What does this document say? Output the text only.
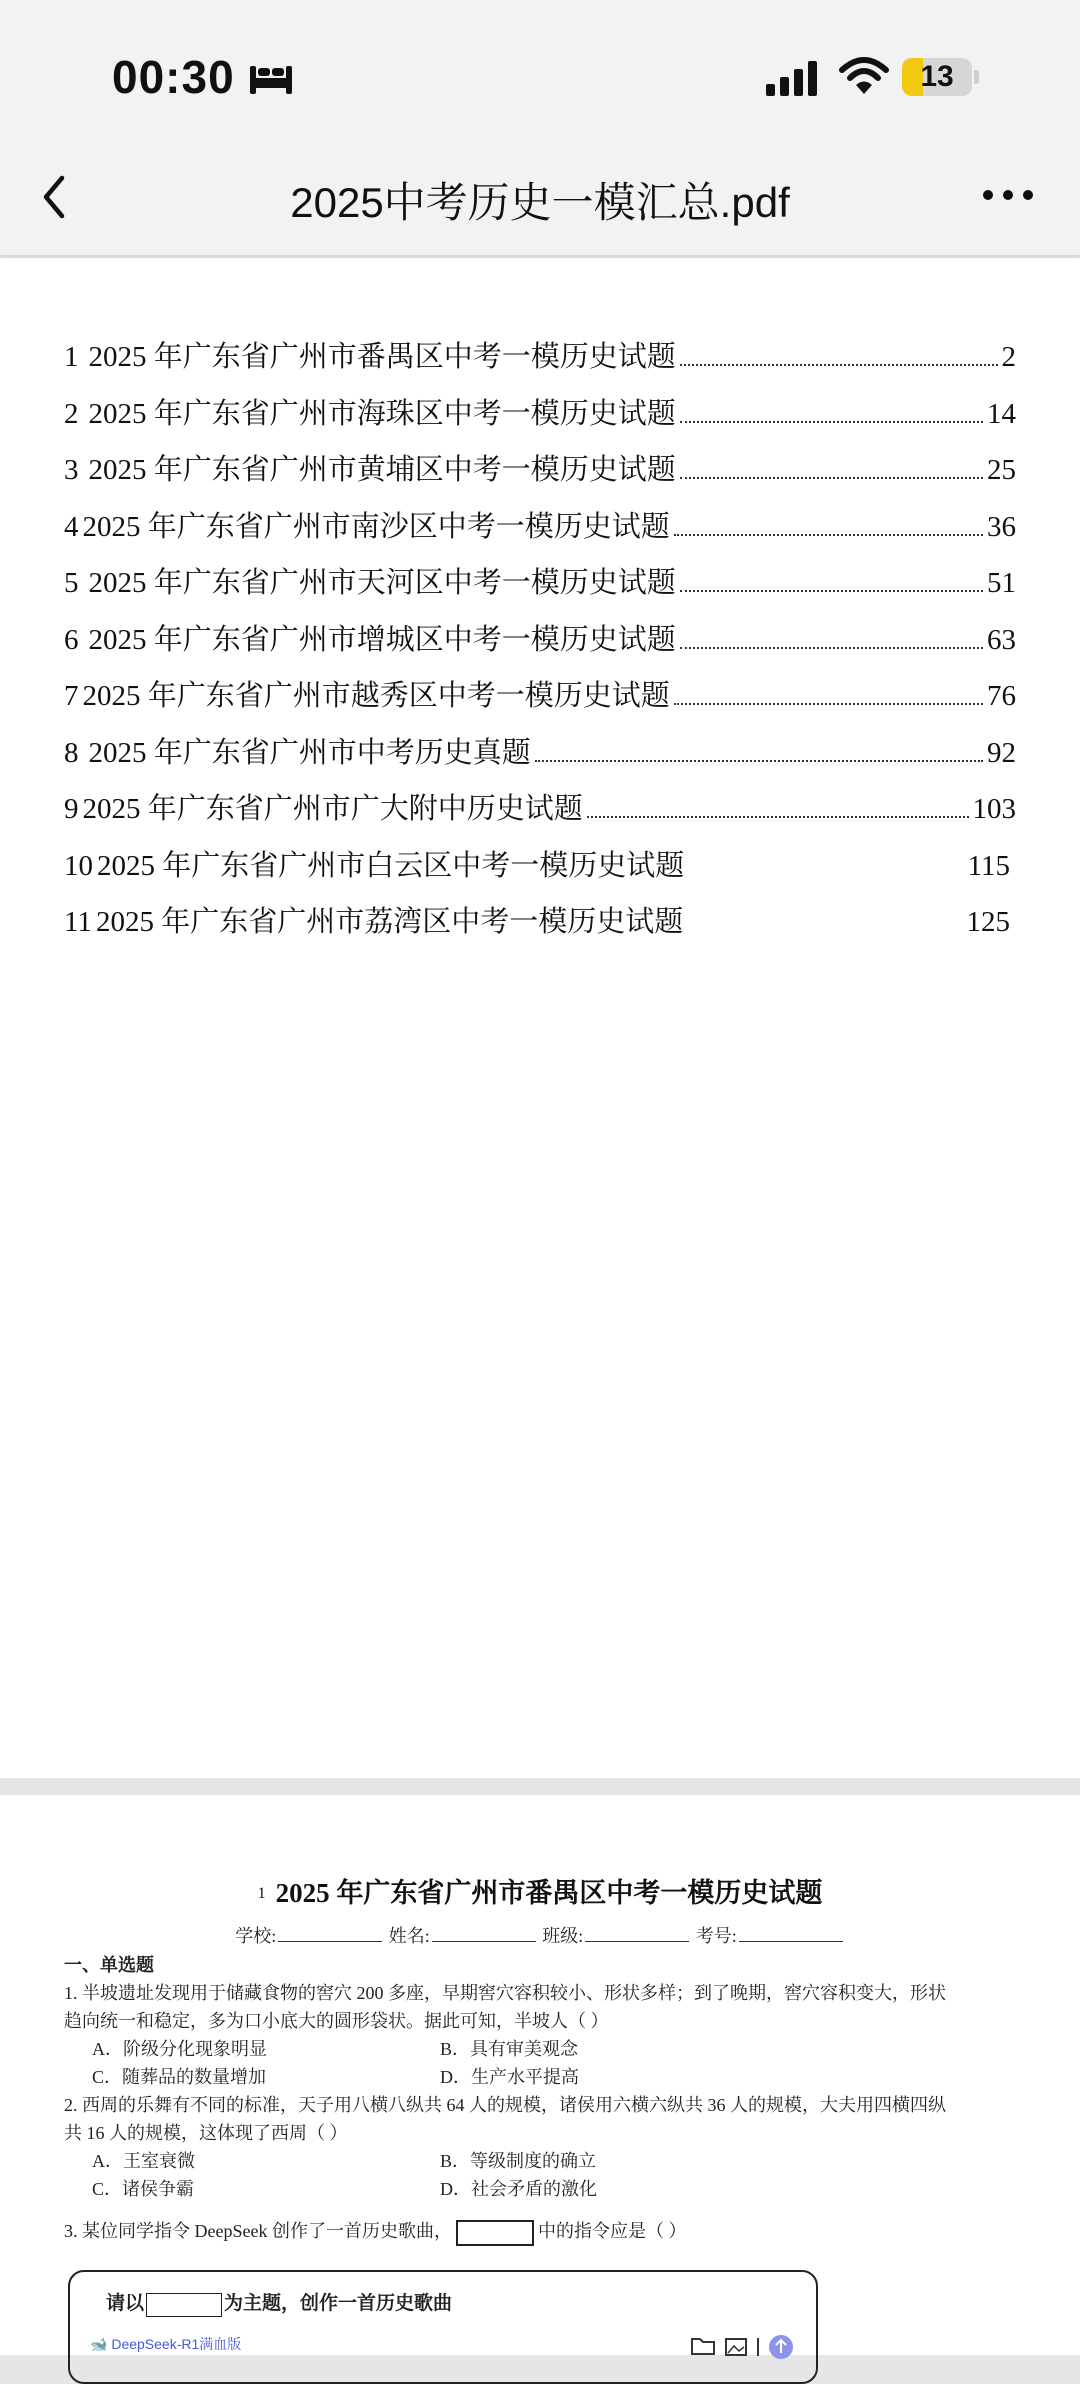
00:30	13
2025中考历史一模汇总.pdf
1 2025 年广东省广州市番禺区中考一模历史试题	2
2 2025 年广东省广州市海珠区中考一模历史试题	14
3 2025 年广东省广州市黄埔区中考一模历史试题	25
4 2025 年广东省广州市南沙区中考一模历史试题	36
5 2025 年广东省广州市天河区中考一模历史试题	51
6 2025 年广东省广州市增城区中考一模历史试题	63
7 2025 年广东省广州市越秀区中考一模历史试题	76
8 2025 年广东省广州市中考历史真题	92
9 2025 年广东省广州市广大附中历史试题	103
10 2025 年广东省广州市白云区中考一模历史试题	115
11 2025 年广东省广州市荔湾区中考一模历史试题	125
1 2025 年广东省广州市番禺区中考一模历史试题
学校:	姓名:	班级:	考号:
一、单选题
1. 半坡遗址发现用于储藏食物的窖穴 200 多座，早期窖穴容积较小、形状多样；到了晚期，窖穴容积变大，形状
趋向统一和稳定，多为口小底大的圆形袋状。据此可知，半坡人（ ）
A．阶级分化现象明显	B．具有审美观念
C．随葬品的数量增加	D．生产水平提高
2. 西周的乐舞有不同的标准，天子用八横八纵共 64 人的规模，诸侯用六横六纵共 36 人的规模，大夫用四横四纵
共 16 人的规模，这体现了西周（ ）
A．王室衰微	B．等级制度的确立
C．诸侯争霸	D．社会矛盾的激化
3. 某位同学指令 DeepSeek 创作了一首历史歌曲，	中的指令应是（ ）
请以	为主题，创作一首历史歌曲
🐋 DeepSeek-R1满血版
